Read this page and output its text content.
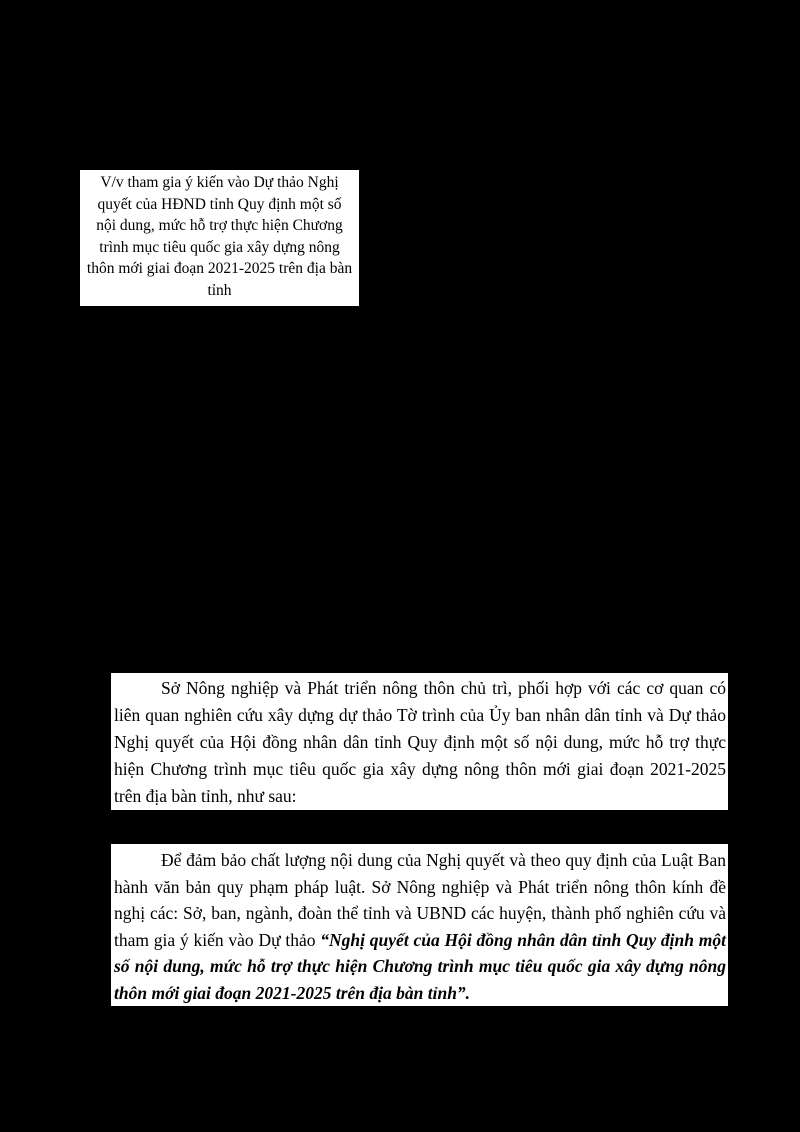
V/v tham gia ý kiến vào Dự thảo Nghị quyết của HĐND tỉnh Quy định một số nội dung, mức hỗ trợ thực hiện Chương trình mục tiêu quốc gia xây dựng nông thôn mới giai đoạn 2021-2025 trên địa bàn tỉnh
Sở Nông nghiệp và Phát triển nông thôn chủ trì, phối hợp với các cơ quan có liên quan nghiên cứu xây dựng dự thảo Tờ trình của Ủy ban nhân dân tỉnh và Dự thảo Nghị quyết của Hội đồng nhân dân tỉnh Quy định một số nội dung, mức hỗ trợ thực hiện Chương trình mục tiêu quốc gia xây dựng nông thôn mới giai đoạn 2021-2025 trên địa bàn tỉnh, như sau:
Để đảm bảo chất lượng nội dung của Nghị quyết và theo quy định của Luật Ban hành văn bản quy phạm pháp luật. Sở Nông nghiệp và Phát triển nông thôn kính đề nghị các: Sở, ban, ngành, đoàn thể tỉnh và UBND các huyện, thành phố nghiên cứu và tham gia ý kiến vào Dự thảo “Nghị quyết của Hội đồng nhân dân tỉnh Quy định một số nội dung, mức hỗ trợ thực hiện Chương trình mục tiêu quốc gia xây dựng nông thôn mới giai đoạn 2021-2025 trên địa bàn tỉnh”.
